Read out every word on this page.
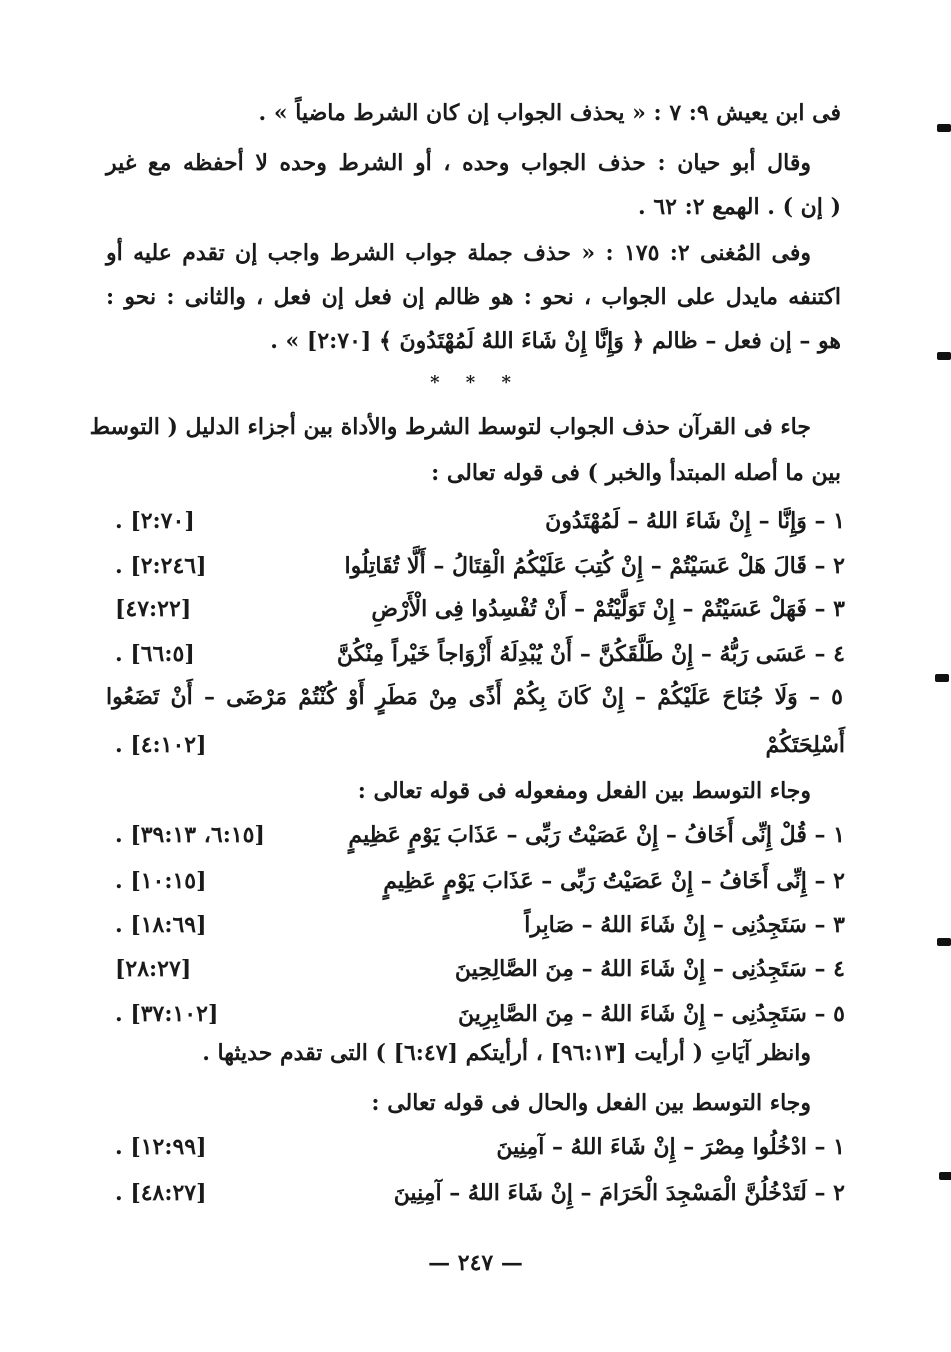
فى ابن يعيش ٩: ٧ : « يحذف الجواب إن كان الشرط ماضياً » .
وقال أبو حيان : حذف الجواب وحده ، أو الشرط وحده لا أحفظه مع غير
( إن ) . الهمع ٢: ٦٢ .
وفى المُغنى ٢: ١٧٥ : « حذف جملة جواب الشرط واجب إن تقدم عليه أو
اكتنفه مايدل على الجواب ، نحو : هو ظالم إن فعل إن فعل ، والثانى : نحو :
هو – إن فعل – ظالم ﴿ وَإِنَّا إِنْ شَاءَ اللهُ لَمُهْتَدُونَ ﴾ [٢:٧٠] » .
* * *
جاء فى القرآن حذف الجواب لتوسط الشرط والأداة بين أجزاء الدليل ( التوسط
بين ما أصله المبتدأ والخبر ) فى قوله تعالى :
١ – وَإِنَّا – إِنْ شَاءَ اللهُ – لَمُهْتَدُونَ
[٢:٧٠] .
٢ – قَالَ هَلْ عَسَيْتُمْ – إِنْ كُتِبَ عَلَيْكُمُ الْقِتَالُ – أَلَّا تُقَاتِلُوا
[٢:٢٤٦] .
٣ – فَهَلْ عَسَيْتُمْ – إِنْ تَوَلَّيْتُمْ – أَنْ تُفْسِدُوا فِى الْأَرْضِ
[٤٧:٢٢]
٤ – عَسَى رَبُّهُ – إِنْ طَلَّقَكُنَّ – أَنْ يُبْدِلَهُ أَزْوَاجاً خَيْراً مِنْكُنَّ
[٦٦:٥] .
٥ – وَلَا جُنَاحَ عَلَيْكُمْ – إِنْ كَانَ بِكُمْ أَذًى مِنْ مَطَرٍ أَوْ كُنْتُمْ مَرْضَى – أَنْ تَضَعُوا
أَسْلِحَتَكُمْ
[٤:١٠٢] .
وجاء التوسط بين الفعل ومفعوله فى قوله تعالى :
١ – قُلْ إِنِّى أَخَافُ – إِنْ عَصَيْتُ رَبِّى – عَذَابَ يَوْمٍ عَظِيمٍ
[٦:١٥، ٣٩:١٣] .
٢ – إِنِّى أَخَافُ – إِنْ عَصَيْتُ رَبِّى – عَذَابَ يَوْمٍ عَظِيمٍ
[١٠:١٥] .
٣ – سَتَجِدُنِى – إِنْ شَاءَ اللهُ – صَابِراً
[١٨:٦٩] .
٤ – سَتَجِدُنِى – إِنْ شَاءَ اللهُ – مِنَ الصَّالِحِينَ
[٢٨:٢٧]
٥ – سَتَجِدُنِى – إِنْ شَاءَ اللهُ – مِنَ الصَّابِرِينَ
[٣٧:١٠٢] .
وانظر آيَاتِ ( أرأيت [٩٦:١٣] ، أرأيتكم [٦:٤٧] ) التى تقدم حديثها .
وجاء التوسط بين الفعل والحال فى قوله تعالى :
١ – ادْخُلُوا مِصْرَ – إِنْ شَاءَ اللهُ – آمِنِينَ
[١٢:٩٩] .
٢ – لَتَدْخُلُنَّ الْمَسْجِدَ الْحَرَامَ – إِنْ شَاءَ اللهُ – آمِنِينَ
[٤٨:٢٧] .
— ٢٤٧ —
